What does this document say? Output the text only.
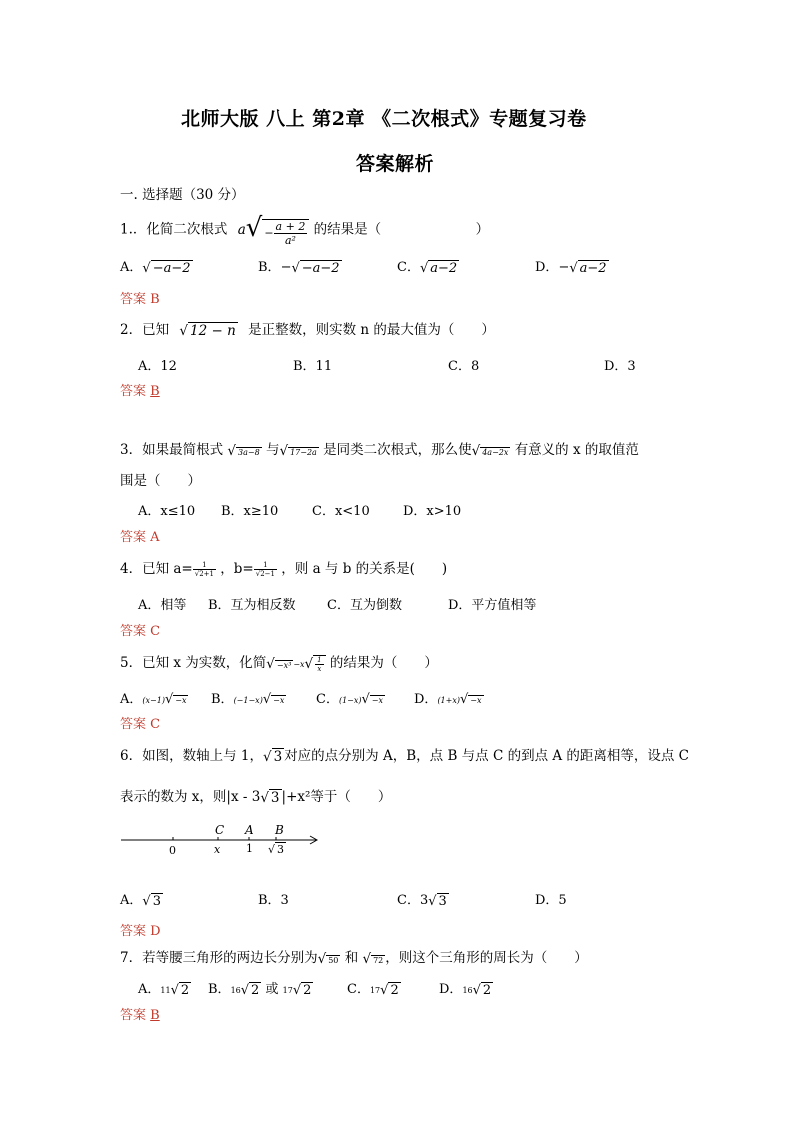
北师大版 八上 第2章 《二次根式》专题复习卷
答案解析
一. 选择题（30 分）
1.．化简二次根式 $a√ - \frac{a + 2}{\text{a²}}$ 的结果是（　　　　　　　）
A．√ −a−2	B．−√ −a−2	C．√ a−2	D．−√ a−2
答案 B
2．已知 √ 12 − n 是正整数，则实数 n 的最大值为（　　）
A．12	B．11	C．8	D．3
答案 B
3．如果最简根式 √ 3a−8 与√ 17−2a 是同类二次根式，那么使√ 4a−2x 有意义的 x 的取值范
围是（　　）
A．x≤10 B．x≥10	C．x<10	D．x>10
答案 A
4．已知 $a= \frac{1}{√2+1}$ ，$b= \frac{1}{√2-1}$ ，则 a 与 b 的关系是(　　)
A．相等 B．互为相反数 C．互为倒数	D．平方值相等
答案 C
5．已知 x 为实数，化简√ $-x^3 -x√ \frac{1}{x}$ 的结果为（　　）
A．(x−1)√ −x B．(−1−x)√ −x C．(1−x)√ −x D．(1+x)√ −x
答案 C
6．如图，数轴上与 1，√ 3 对应的点分别为 A，B，点 B 与点 C 的到点 A 的距离相等，设点 C
表示的数为 x，则|x - 3√ 3 |+x²等于（　　）
0	x 1 √ 3
C A B
A．√ 3	B．3	C．3√ 3	D．5
答案 D
7．若等腰三角形的两边长分别为√ 50 和 √ 72 ，则这个三角形的周长为（　　）
A．11√ 2 B．16√ 2 或 17√ 2	C．17√ 2	D．16√ 2
答案 B
